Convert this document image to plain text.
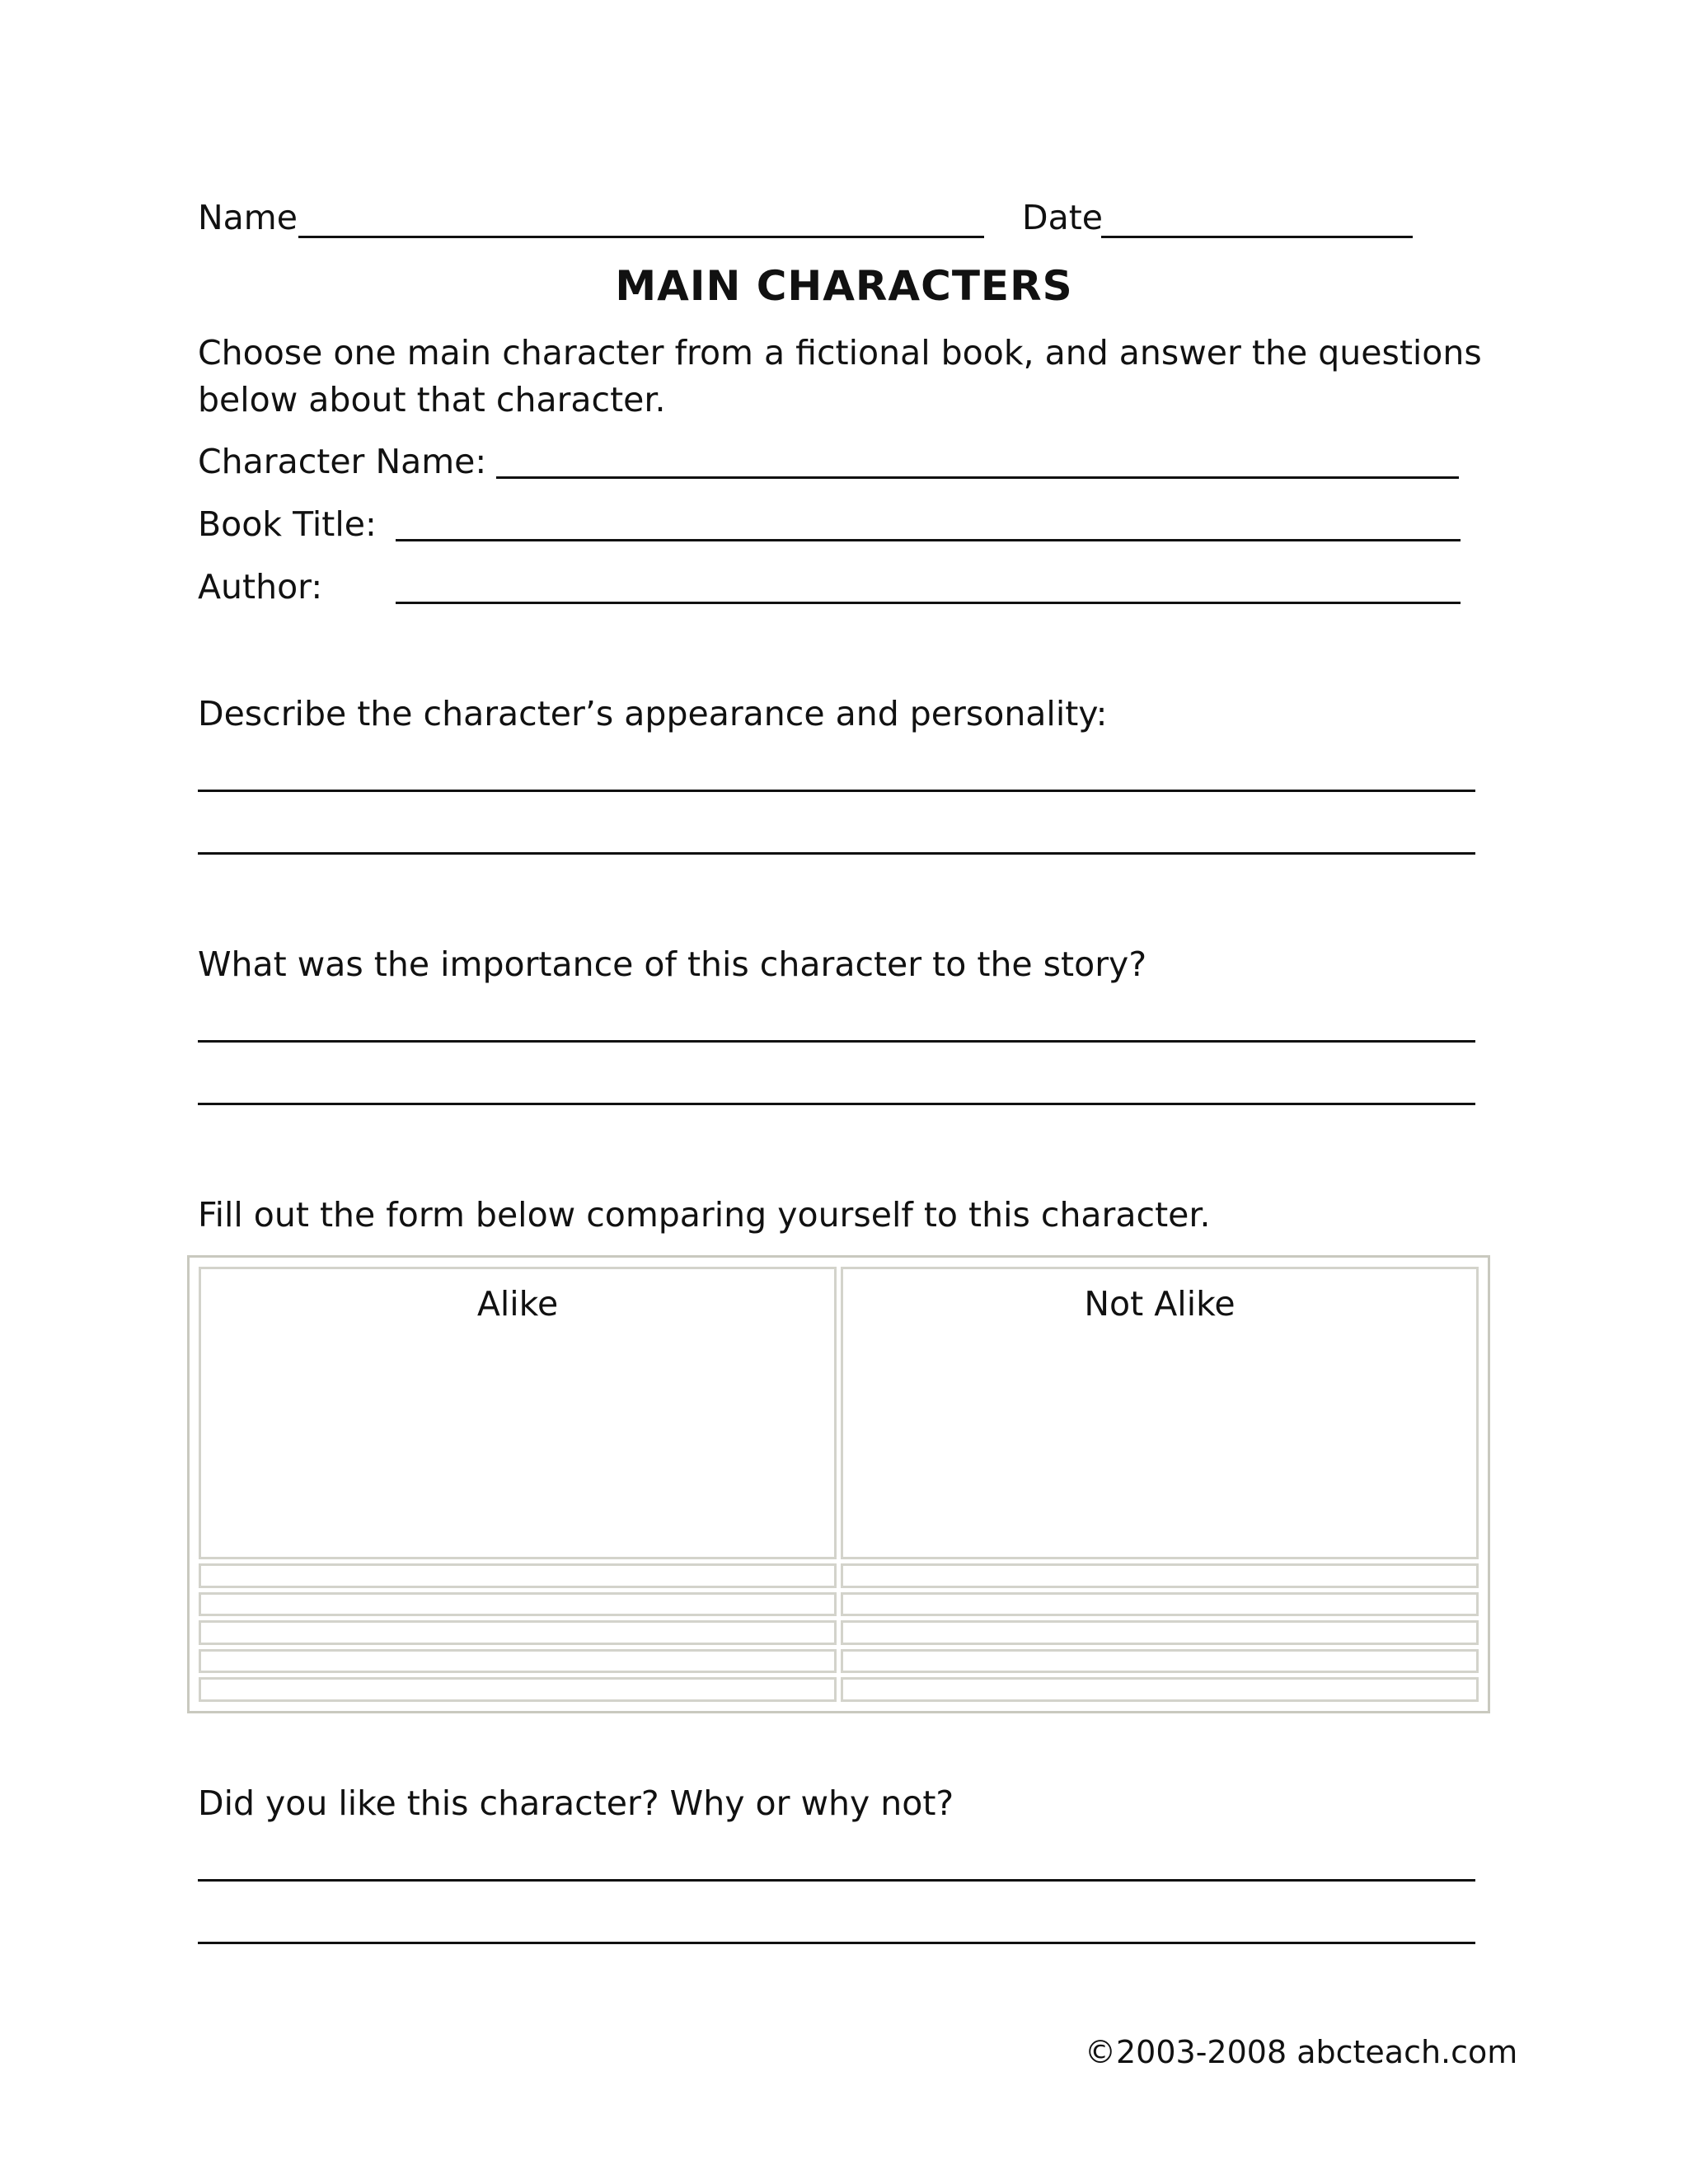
Name	Date
MAIN CHARACTERS
Choose one main character from a fictional book, and answer the questions below about that character.
Character Name:
Book Title:
Author:
Describe the character’s appearance and personality:
What was the importance of this character to the story?
Fill out the form below comparing yourself to this character.
Alike	Not Alike

Did you like this character? Why or why not?
©2003-2008 abcteach.com
